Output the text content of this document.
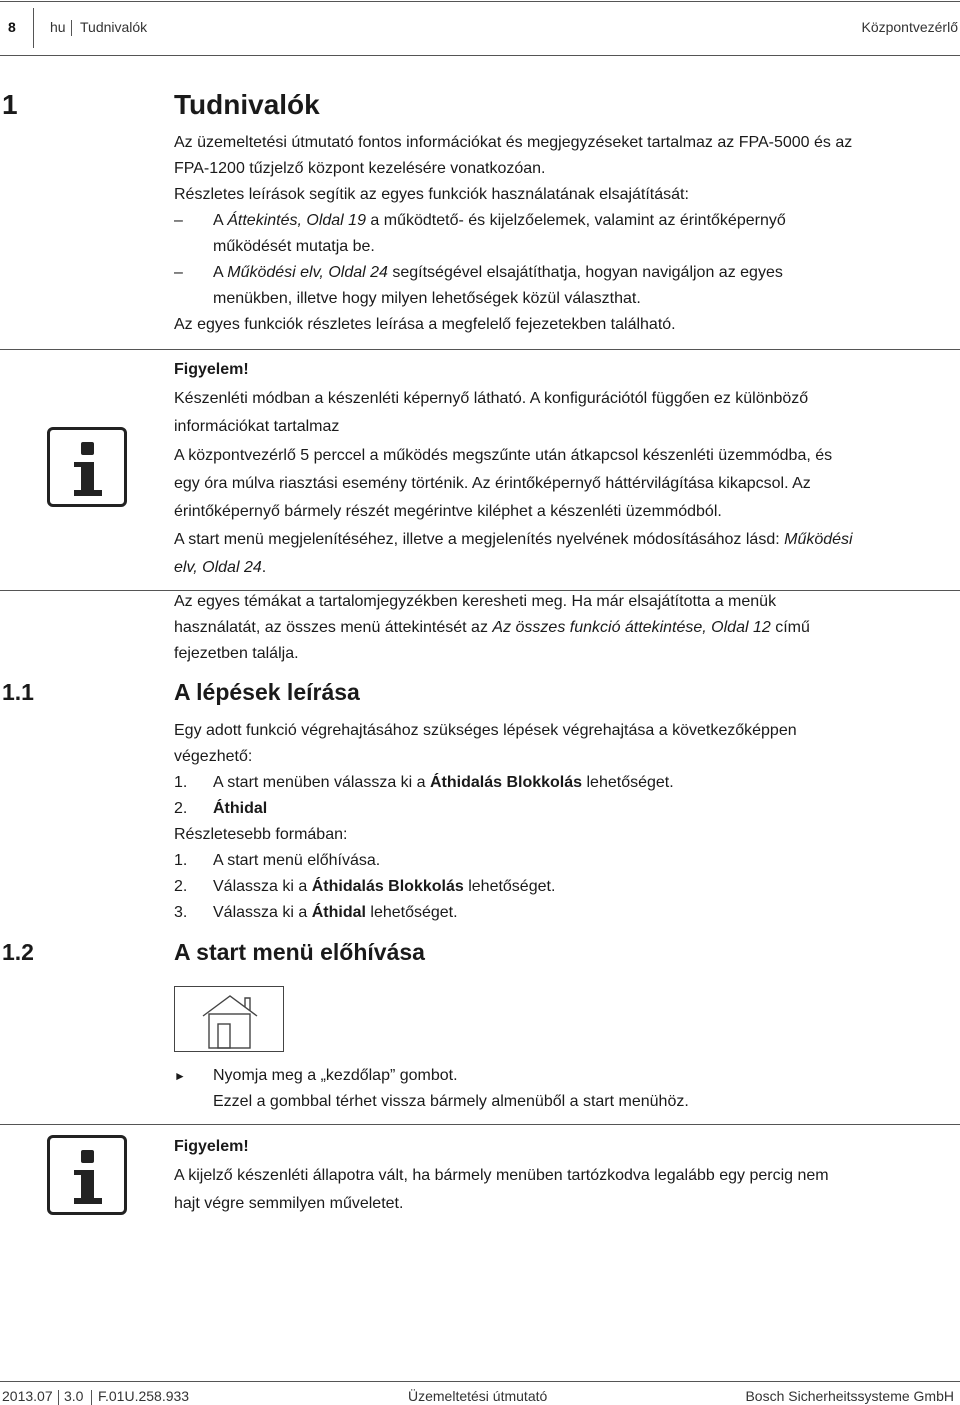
8 hu Tudnivalók	Központvezérlő
1	Tudnivalók
Az üzemeltetési útmutató fontos információkat és megjegyzéseket tartalmaz az FPA-5000 és az
FPA-1200 tűzjelző központ kezelésére vonatkozóan.
Részletes leírások segítik az egyes funkciók használatának elsajátítását:
– A Áttekintés, Oldal 19 a működtető- és kijelzőelemek, valamint az érintőképernyő
működését mutatja be.
– A Működési elv, Oldal 24 segítségével elsajátíthatja, hogyan navigáljon az egyes
menükben, illetve hogy milyen lehetőségek közül választhat.
Az egyes funkciók részletes leírása a megfelelő fejezetekben található.
Figyelem!
Készenléti módban a készenléti képernyő látható. A konfigurációtól függően ez különböző
információkat tartalmaz
A központvezérlő 5 perccel a működés megszűnte után átkapcsol készenléti üzemmódba, és
egy óra múlva riasztási esemény történik. Az érintőképernyő háttérvilágítása kikapcsol. Az
érintőképernyő bármely részét megérintve kiléphet a készenléti üzemmódból.
A start menü megjelenítéséhez, illetve a megjelenítés nyelvének módosításához lásd: Működési
elv, Oldal 24.
Az egyes témákat a tartalomjegyzékben keresheti meg. Ha már elsajátította a menük
használatát, az összes menü áttekintését az Az összes funkció áttekintése, Oldal 12 című
fejezetben találja.
1.1	A lépések leírása
Egy adott funkció végrehajtásához szükséges lépések végrehajtása a következőképpen
végezhető:
1. A start menüben válassza ki a Áthidalás Blokkolás lehetőséget.
2. Áthidal
Részletesebb formában:
1. A start menü előhívása.
2. Válassza ki a Áthidalás Blokkolás lehetőséget.
3. Válassza ki a Áthidal lehetőséget.
1.2	A start menü előhívása
► Nyomja meg a „kezdőlap” gombot.
Ezzel a gombbal térhet vissza bármely almenüből a start menühöz.
Figyelem!
A kijelző készenléti állapotra vált, ha bármely menüben tartózkodva legalább egy percig nem
hajt végre semmilyen műveletet.
2013.07 3.0 F.01U.258.933	Üzemeltetési útmutató	Bosch Sicherheitssysteme GmbH
